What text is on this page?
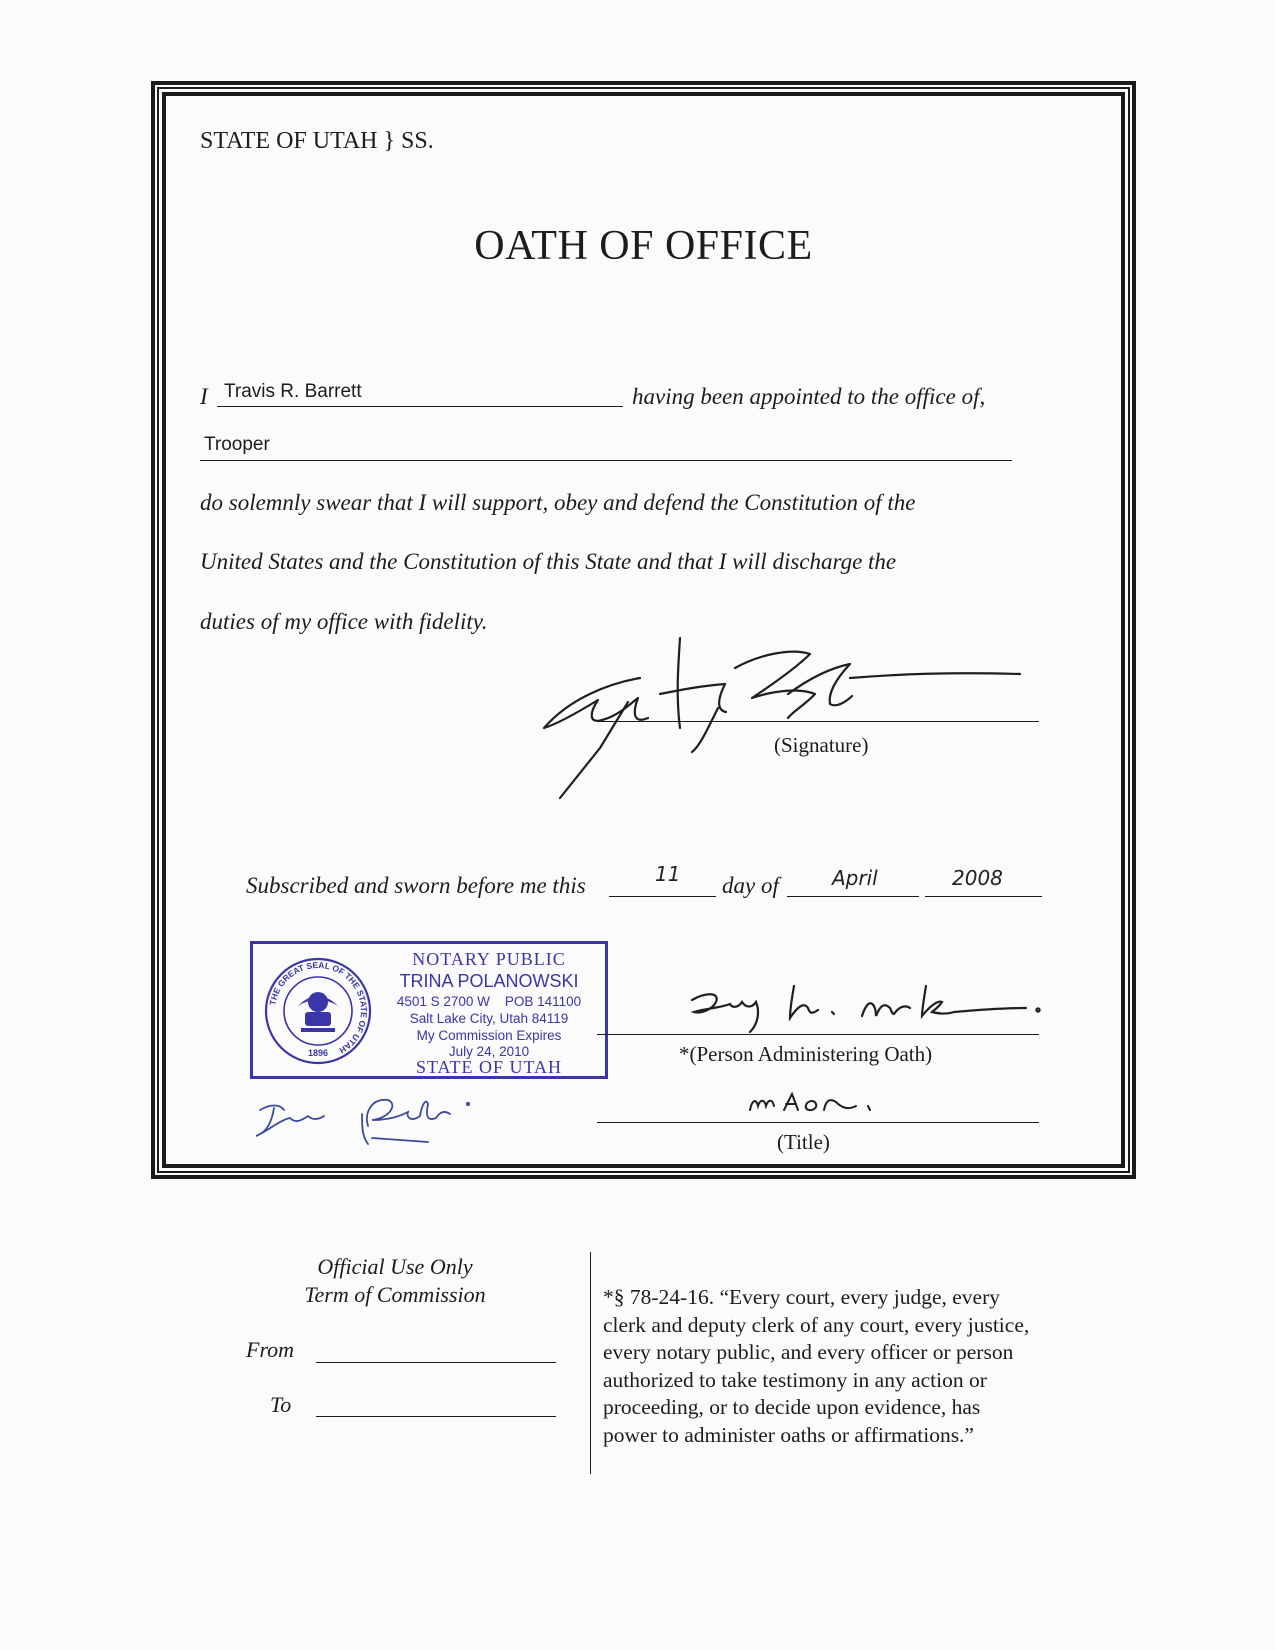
STATE OF UTAH } SS.
OATH OF OFFICE
I Travis R. Barrett	having been appointed to the office of,
Trooper
do solemnly swear that I will support, obey and defend the Constitution of the
United States and the Constitution of this State and that I will discharge the
duties of my office with fidelity.
(Signature)
Subscribed and sworn before me this	11 day of	April	2008
THE GREAT SEAL OF THE STATE OF UTAH
1896
NOTARY PUBLIC
TRINA POLANOWSKI
4501 S 2700 W    POB 141100
Salt Lake City, Utah 84119
My Commission Expires
July 24, 2010
STATE OF UTAH
*(Person Administering Oath)
(Title)
Official Use Only
Term of Commission
From
To
*§ 78-24-16. “Every court, every judge, every
clerk and deputy clerk of any court, every justice,
every notary public, and every officer or person
authorized to take testimony in any action or
proceeding, or to decide upon evidence, has
power to administer oaths or affirmations.”
